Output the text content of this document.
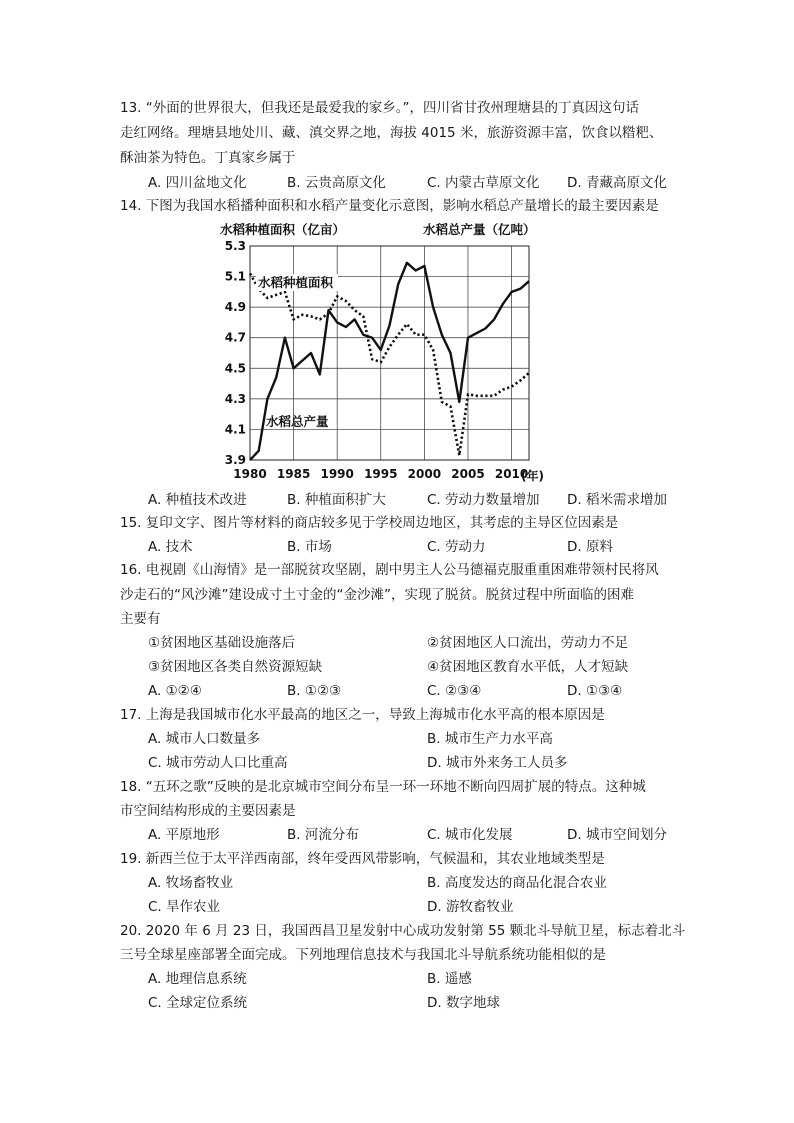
13. “外面的世界很大，但我还是最爱我的家乡。”，四川省甘孜州理塘县的丁真因这句话
走红网络。理塘县地处川、藏、滇交界之地，海拔 4015 米，旅游资源丰富，饮食以糌粑、
酥油茶为特色。丁真家乡属于
A. 四川盆地文化	B. 云贵高原文化	C. 内蒙古草原文化 D. 青藏高原文化
14. 下图为我国水稻播种面积和水稻产量变化示意图，影响水稻总产量增长的最主要因素是
水稻种植面积（亿亩）	水稻总产量（亿吨）
5.3
5.1
4.9
4.7
4.5
4.3
4.1
3.9
1980 1985 1990 1995 2000 2005 2010
(年)
水稻种植面积
水稻总产量
A. 种植技术改进	B. 种植面积扩大	C. 劳动力数量增加 D. 稻米需求增加
15. 复印文字、图片等材料的商店较多见于学校周边地区，其考虑的主导区位因素是
A. 技术	B. 市场	C. 劳动力	D. 原料
16. 电视剧《山海情》是一部脱贫攻坚剧，剧中男主人公马德福克服重重困难带领村民将风
沙走石的“风沙滩”建设成寸土寸金的“金沙滩”，实现了脱贫。脱贫过程中所面临的困难
主要有
①贫困地区基础设施落后	②贫困地区人口流出，劳动力不足
③贫困地区各类自然资源短缺	④贫困地区教育水平低，人才短缺
A. ①②④	B. ①②③	C. ②③④	D. ①③④
17. 上海是我国城市化水平最高的地区之一，导致上海城市化水平高的根本原因是
A. 城市人口数量多	B. 城市生产力水平高
C. 城市劳动人口比重高	D. 城市外来务工人员多
18. “五环之歌”反映的是北京城市空间分布呈一环一环地不断向四周扩展的特点。这种城
市空间结构形成的主要因素是
A. 平原地形	B. 河流分布	C. 城市化发展	D. 城市空间划分
19. 新西兰位于太平洋西南部，终年受西风带影响，气候温和，其农业地域类型是
A. 牧场畜牧业	B. 高度发达的商品化混合农业
C. 旱作农业	D. 游牧畜牧业
20. 2020 年 6 月 23 日，我国西昌卫星发射中心成功发射第 55 颗北斗导航卫星，标志着北斗
三号全球星座部署全面完成。下列地理信息技术与我国北斗导航系统功能相似的是
A. 地理信息系统	B. 遥感
C. 全球定位系统	D. 数字地球
